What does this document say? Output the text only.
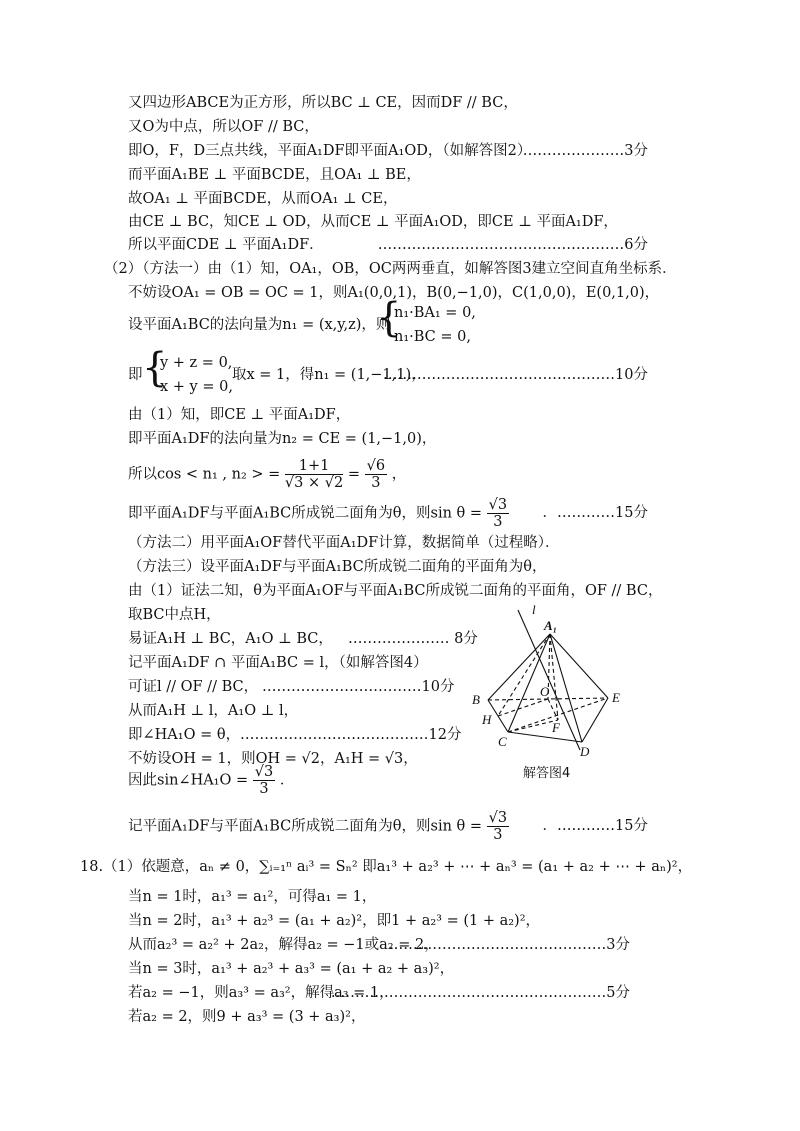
又四边形ABCE为正方形，所以BC ⊥ CE，因而DF // BC，
又O为中点，所以OF // BC，
即O，F，D三点共线，平面A₁DF即平面A₁OD，（如解答图2）
…………………3分
而平面A₁BE ⊥ 平面BCDE，且OA₁ ⊥ BE，
故OA₁ ⊥ 平面BCDE，从而OA₁ ⊥ CE，
由CE ⊥ BC，知CE ⊥ OD，从而CE ⊥ 平面A₁OD，即CE ⊥ 平面A₁DF，
所以平面CDE ⊥ 平面A₁DF．	……………………………………………6分
（2）（方法一）由（1）知，OA₁，OB，OC两两垂直，如解答图3建立空间直角坐标系．
不妨设OA₁ = OB = OC = 1，则A₁(0,0,1)，B(0,−1,0)，C(1,0,0)，E(0,1,0)，
设平面A₁BC的法向量为n₁ = (x,y,z)，则
{
n₁·BA₁ = 0,
n₁·BC = 0,
即 {
y + z = 0,
x + y = 0,
取x = 1，得n₁ = (1,−1,1)，
…………………………………………10分
由（1）知，即CE ⊥ 平面A₁DF，
即平面A₁DF的法向量为n₂ = CE = (1,−1,0)，
所以cos < n₁ , n₂ > = $\frac{1+1}{√3 \times √2} = \frac{√6}{3}$ ，
即平面A₁DF与平面A₁BC所成锐二面角为θ，则$\sin \theta = \frac{√3}{3}$ ．…………15分
（方法二）用平面A₁OF替代平面A₁DF计算，数据简单（过程略）．
（方法三）设平面A₁DF与平面A₁BC所成锐二面角的平面角为θ，
由（1）证法二知，θ为平面A₁OF与平面A₁BC所成锐二面角的平面角，OF // BC，
取BC中点H，
易证A₁H ⊥ BC，A₁O ⊥ BC， ………………… 8分
记平面A₁DF ∩ 平面A₁BC = l，（如解答图4）
可证l // OF // BC， ……………………………10分
从而A₁H ⊥ l，A₁O ⊥ l，
即∠HA₁O = θ， …………………………………12分
不妨设OH = 1，则OH = √2，A₁H = √3，
因此sin∠HA₁O = $\frac{√3}{3}$ ．
记平面A₁DF与平面A₁BC所成锐二面角为θ，则$\sin \theta = \frac{√3}{3}$ ．…………15分
18.（1）依题意，aₙ ≠ 0，∑ᵢ₌₁ⁿ aᵢ³ = Sₙ² 即a₁³ + a₂³ + ⋯ + aₙ³ = (a₁ + a₂ + ⋯ + aₙ)²，
当n = 1时，a₁³ = a₁²，可得a₁ = 1，
当n = 2时，a₁³ + a₂³ = (a₁ + a₂)²，即1 + a₂³ = (1 + a₂)²，
从而a₂³ = a₂² + 2a₂，解得a₂ = −1或a₂ = 2，
………………………………………3分
当n = 3时，a₁³ + a₂³ + a₃³ = (a₁ + a₂ + a₃)²，
若a₂ = −1，则a₃³ = a₃²，解得a₃ = 1，
…………………………………………………5分
若a₂ = 2，则9 + a₃³ = (3 + a₃)²，
l
A₁
B
O	E
H
F
C
D
解答图4
